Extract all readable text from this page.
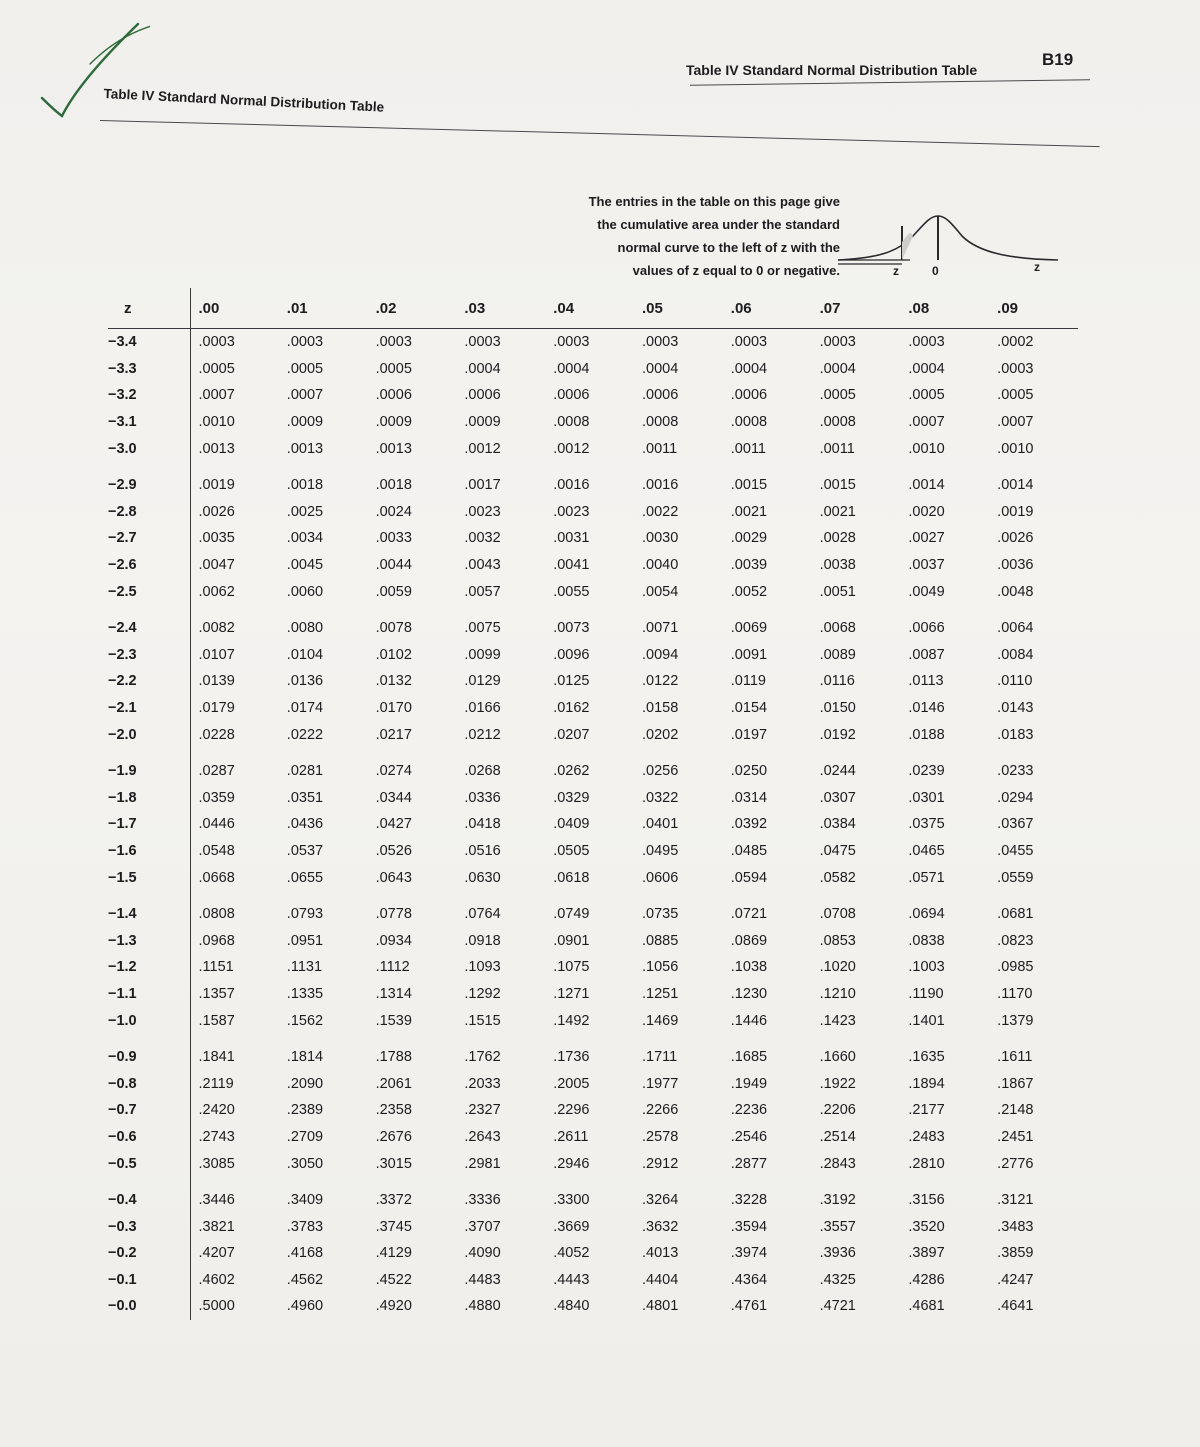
Table IV Standard Normal Distribution Table
B19
Table IV Standard Normal Distribution Table
The entries in the table on this page give
the cumulative area under the standard
normal curve to the left of z with the
values of z equal to 0 or negative.	z	0	z
z	.00	.01	.02	.03	.04	.05	.06	.07	.08	.09
−3.4	.0003	.0003	.0003	.0003	.0003	.0003	.0003	.0003	.0003	.0002
−3.3	.0005	.0005	.0005	.0004	.0004	.0004	.0004	.0004	.0004	.0003
−3.2	.0007	.0007	.0006	.0006	.0006	.0006	.0006	.0005	.0005	.0005
−3.1	.0010	.0009	.0009	.0009	.0008	.0008	.0008	.0008	.0007	.0007
−3.0	.0013	.0013	.0013	.0012	.0012	.0011	.0011	.0011	.0010	.0010
−2.9	.0019	.0018	.0018	.0017	.0016	.0016	.0015	.0015	.0014	.0014
−2.8	.0026	.0025	.0024	.0023	.0023	.0022	.0021	.0021	.0020	.0019
−2.7	.0035	.0034	.0033	.0032	.0031	.0030	.0029	.0028	.0027	.0026
−2.6	.0047	.0045	.0044	.0043	.0041	.0040	.0039	.0038	.0037	.0036
−2.5	.0062	.0060	.0059	.0057	.0055	.0054	.0052	.0051	.0049	.0048
−2.4	.0082	.0080	.0078	.0075	.0073	.0071	.0069	.0068	.0066	.0064
−2.3	.0107	.0104	.0102	.0099	.0096	.0094	.0091	.0089	.0087	.0084
−2.2	.0139	.0136	.0132	.0129	.0125	.0122	.0119	.0116	.0113	.0110
−2.1	.0179	.0174	.0170	.0166	.0162	.0158	.0154	.0150	.0146	.0143
−2.0	.0228	.0222	.0217	.0212	.0207	.0202	.0197	.0192	.0188	.0183
−1.9	.0287	.0281	.0274	.0268	.0262	.0256	.0250	.0244	.0239	.0233
−1.8	.0359	.0351	.0344	.0336	.0329	.0322	.0314	.0307	.0301	.0294
−1.7	.0446	.0436	.0427	.0418	.0409	.0401	.0392	.0384	.0375	.0367
−1.6	.0548	.0537	.0526	.0516	.0505	.0495	.0485	.0475	.0465	.0455
−1.5	.0668	.0655	.0643	.0630	.0618	.0606	.0594	.0582	.0571	.0559
−1.4	.0808	.0793	.0778	.0764	.0749	.0735	.0721	.0708	.0694	.0681
−1.3	.0968	.0951	.0934	.0918	.0901	.0885	.0869	.0853	.0838	.0823
−1.2	.1151	.1131	.1112	.1093	.1075	.1056	.1038	.1020	.1003	.0985
−1.1	.1357	.1335	.1314	.1292	.1271	.1251	.1230	.1210	.1190	.1170
−1.0	.1587	.1562	.1539	.1515	.1492	.1469	.1446	.1423	.1401	.1379
−0.9	.1841	.1814	.1788	.1762	.1736	.1711	.1685	.1660	.1635	.1611
−0.8	.2119	.2090	.2061	.2033	.2005	.1977	.1949	.1922	.1894	.1867
−0.7	.2420	.2389	.2358	.2327	.2296	.2266	.2236	.2206	.2177	.2148
−0.6	.2743	.2709	.2676	.2643	.2611	.2578	.2546	.2514	.2483	.2451
−0.5	.3085	.3050	.3015	.2981	.2946	.2912	.2877	.2843	.2810	.2776
−0.4	.3446	.3409	.3372	.3336	.3300	.3264	.3228	.3192	.3156	.3121
−0.3	.3821	.3783	.3745	.3707	.3669	.3632	.3594	.3557	.3520	.3483
−0.2	.4207	.4168	.4129	.4090	.4052	.4013	.3974	.3936	.3897	.3859
−0.1	.4602	.4562	.4522	.4483	.4443	.4404	.4364	.4325	.4286	.4247
−0.0	.5000	.4960	.4920	.4880	.4840	.4801	.4761	.4721	.4681	.4641
